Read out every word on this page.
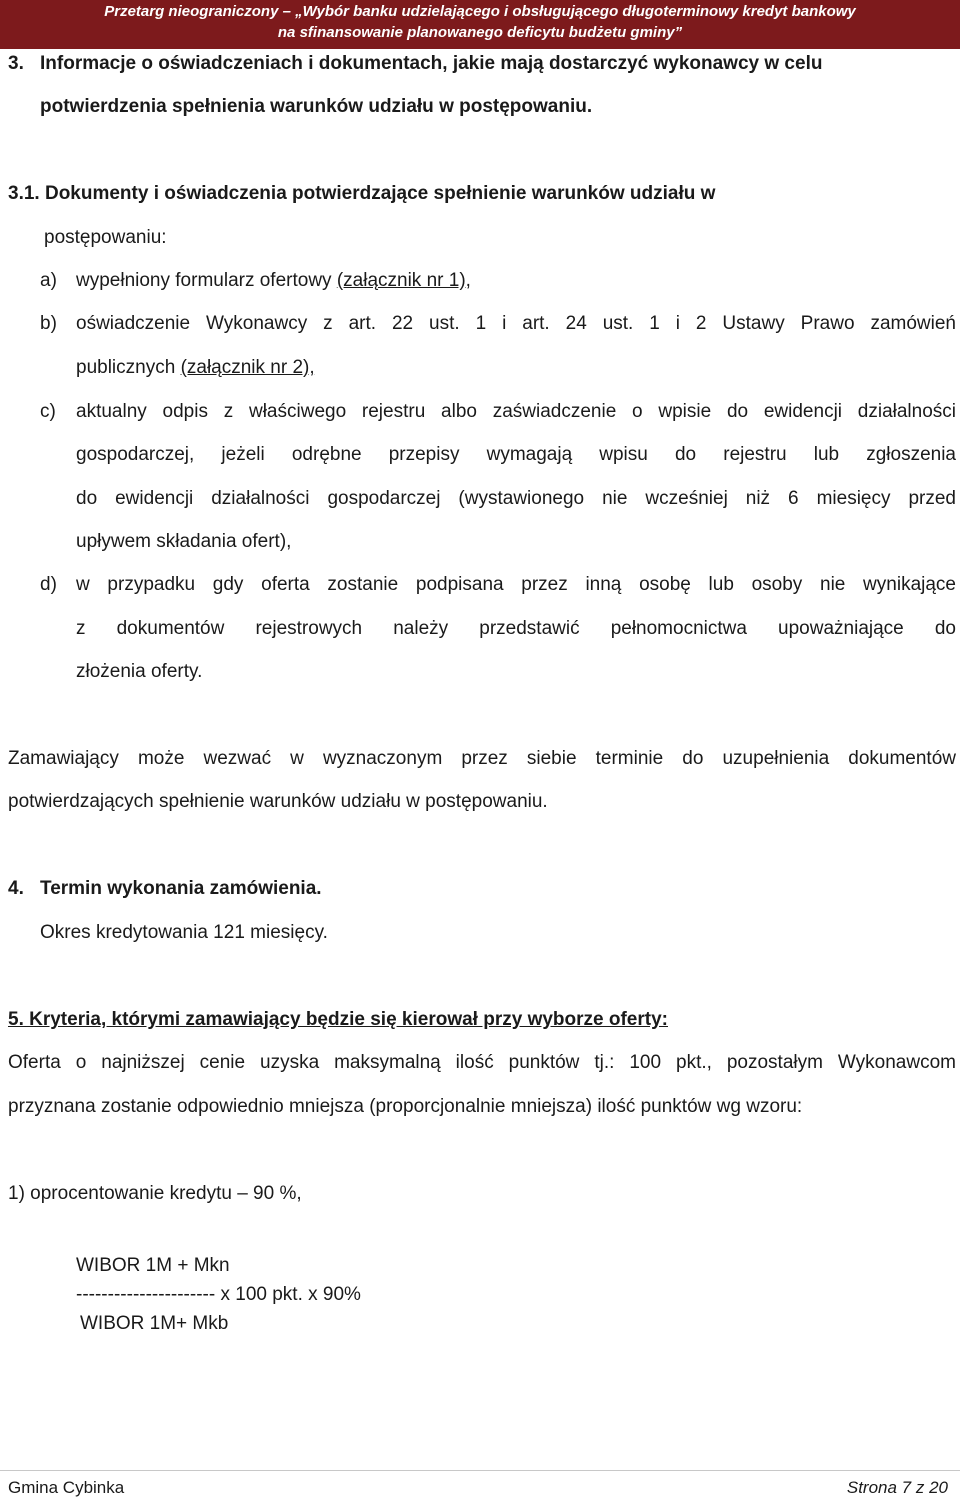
Przetarg nieograniczony – „Wybór banku udzielającego i obsługującego długoterminowy kredyt bankowy
na sfinansowanie planowanego deficytu budżetu gminy”
3. Informacje o oświadczeniach i dokumentach, jakie mają dostarczyć wykonawcy w celu
potwierdzenia spełnienia warunków udziału w postępowaniu.
3.1. Dokumenty i oświadczenia potwierdzające spełnienie warunków udziału w
postępowaniu:
a) wypełniony formularz ofertowy (załącznik nr 1),
b) oświadczenie Wykonawcy z art. 22 ust. 1 i art. 24 ust. 1 i 2 Ustawy Prawo zamówień
publicznych (załącznik nr 2),
c) aktualny odpis z właściwego rejestru albo zaświadczenie o wpisie do ewidencji działalności
gospodarczej, jeżeli odrębne przepisy wymagają wpisu do rejestru lub zgłoszenia
do ewidencji działalności gospodarczej (wystawionego nie wcześniej niż 6 miesięcy przed
upływem składania ofert),
d) w przypadku gdy oferta zostanie podpisana przez inną osobę lub osoby nie wynikające
z dokumentów rejestrowych należy przedstawić pełnomocnictwa upoważniające do
złożenia oferty.
Zamawiający może wezwać w wyznaczonym przez siebie terminie do uzupełnienia dokumentów
potwierdzających spełnienie warunków udziału w postępowaniu.
4. Termin wykonania zamówienia.
Okres kredytowania 121 miesięcy.
5. Kryteria, którymi zamawiający będzie się kierował przy wyborze oferty:
Oferta o najniższej cenie uzyska maksymalną ilość punktów tj.: 100 pkt., pozostałym Wykonawcom
przyznana zostanie odpowiednio mniejsza (proporcjonalnie mniejsza) ilość punktów wg wzoru:
1) oprocentowanie kredytu – 90 %,
WIBOR 1M + Mkn
---------------------- x 100 pkt. x 90%
WIBOR 1M+ Mkb
Gmina Cybinka	Strona 7 z 20
